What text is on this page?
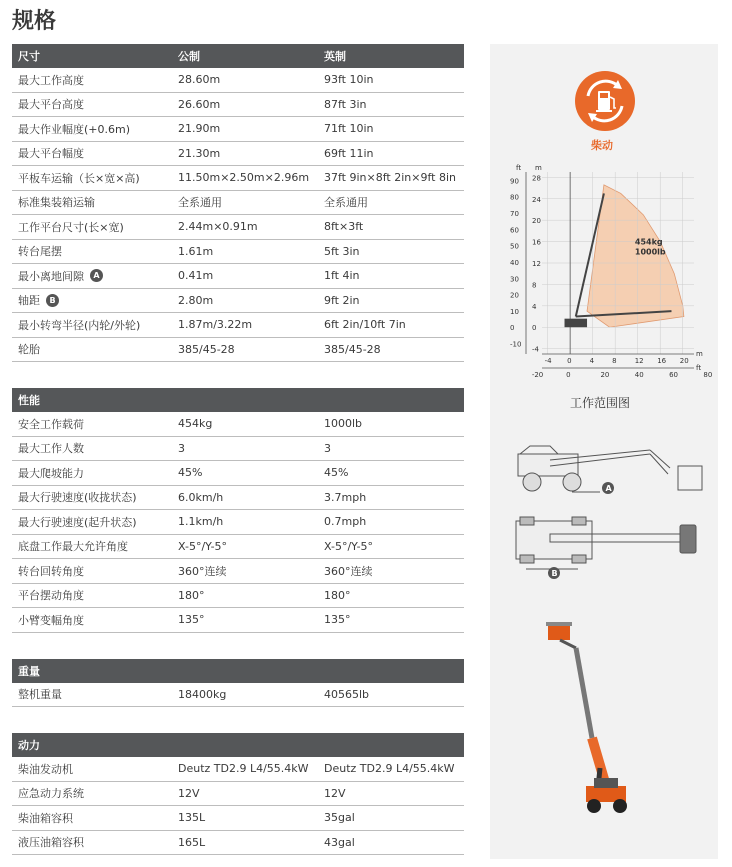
规格
尺寸	公制	英制
最大工作高度	28.60m	93ft 10in
最大平台高度	26.60m	87ft 3in
最大作业幅度(+0.6m)	21.90m	71ft 10in
最大平台幅度	21.30m	69ft 11in
平板车运输（长×宽×高)	11.50m×2.50m×2.96m	37ft 9in×8ft 2in×9ft 8in
标准集装箱运输	全系通用	全系通用
工作平台尺寸(长×宽)	2.44m×0.91m	8ft×3ft
转台尾摆	1.61m	5ft 3in
最小离地间隙	A	0.41m	1ft 4in
轴距	B	2.80m	9ft 2in
最小转弯半径(内轮/外轮)	1.87m/3.22m	6ft 2in/10ft 7in
轮胎	385/45-28	385/45-28
性能
安全工作载荷	454kg	1000lb
最大工作人数	3	3
最大爬坡能力	45%	45%
最大行驶速度(收拢状态)	6.0km/h	3.7mph
最大行驶速度(起升状态)	1.1km/h	0.7mph
底盘工作最大允许角度	X-5°/Y-5°	X-5°/Y-5°
转台回转角度	360°连续	360°连续
平台摆动角度	180°	180°
小臂变幅角度	135°	135°
重量
整机重量	18400kg	40565lb
动力
柴油发动机	Deutz TD2.9 L4/55.4kW	Deutz TD2.9 L4/55.4kW
应急动力系统	12V	12V
柴油箱容积	135L	35gal
液压油箱容积	165L	43gal
柴动
28
24
20
16
12
8
4
0
-4
90
80
70
60
50
40
30
20
10
0
-10
-4 0	4	8	12 16 20
-20	0	20	40	60	80
m
ft
m
ft
454kg
1000lb
工作范围图
A
B
